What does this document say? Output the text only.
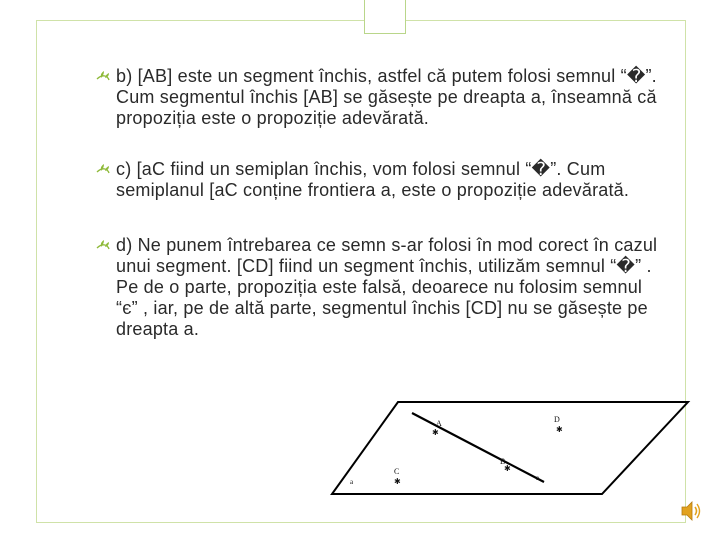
b) [AB] este un segment închis, astfel că putem folosi semnul “�”. Cum segmentul închis [AB] se găsește pe dreapta a, înseamnă că propoziția este o propoziție adevărată.
c) [aC fiind un semiplan închis, vom folosi semnul “�”. Cum semiplanul [aC conține frontiera a, este o propoziție adevărată.
d) Ne punem întrebarea ce semn s-ar folosi în mod corect în cazul unui segment. [CD] fiind un segment închis, utilizăm semnul “�” . Pe de o parte, propoziția este falsă, deoarece nu folosim semnul “є” , iar, pe de altă parte, segmentul închis [CD] nu se găsește pe dreapta a.
A
✱
B
✱
D
✱
C
✱
a	a
